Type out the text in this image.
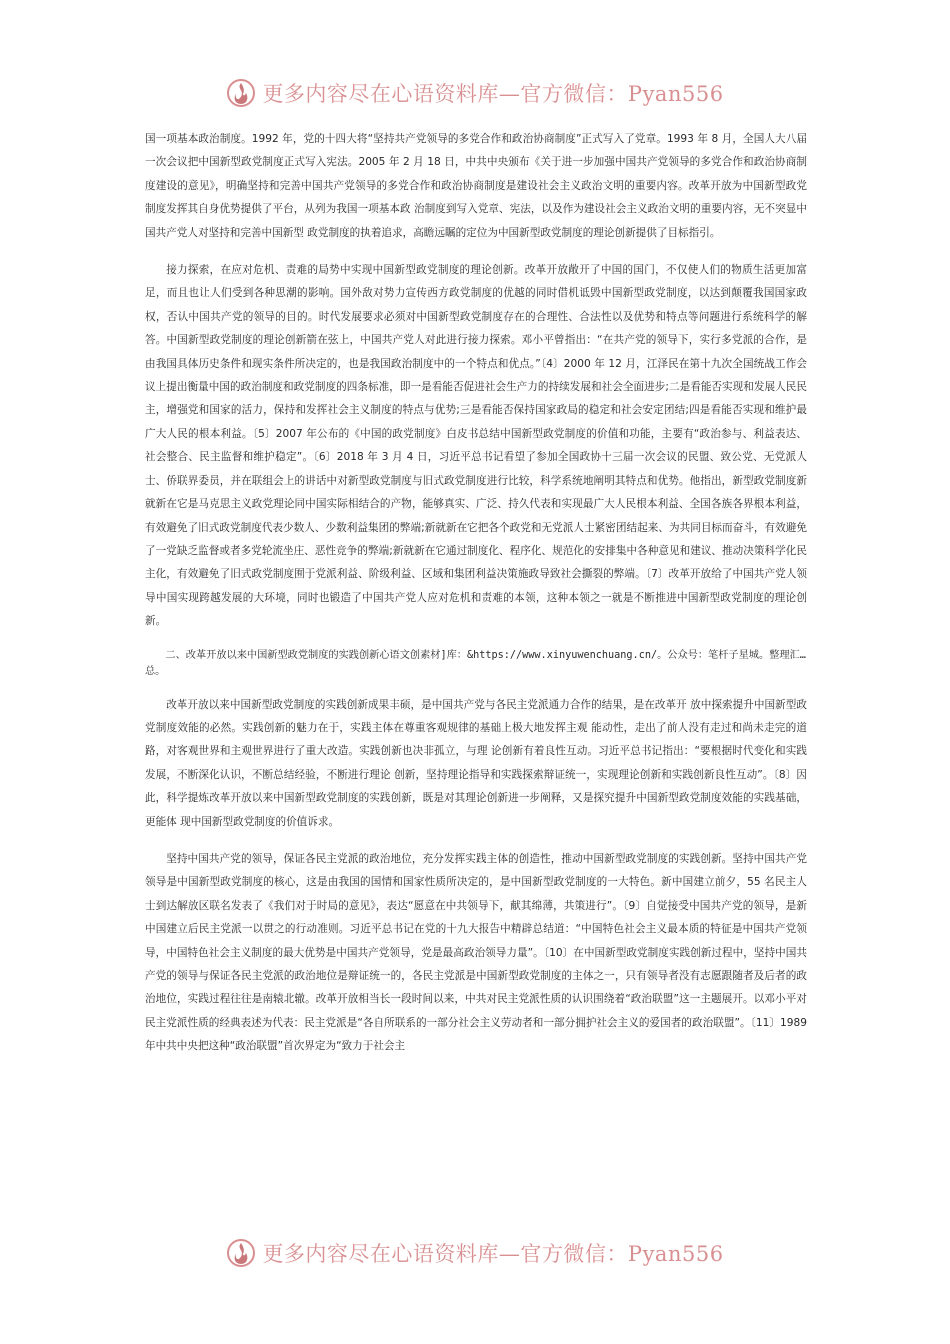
更多内容尽在心语资料库—官方微信：Pyan556

国一项基本政治制度。1992 年，党的十四大将“坚持共产党领导的多党合作和政治协商制度”正式写入了党章。1993 年 8 月，全国人大八届一次会议把中国新型政党制度正式写入宪法。2005 年 2 月 18 日，中共中央颁布《关于进一步加强中国共产党领导的多党合作和政治协商制度建设的意见》，明确坚持和完善中国共产党领导的多党合作和政治协商制度是建设社会主义政治文明的重要内容。改革开放为中国新型政党制度发挥其自身优势提供了平台，从列为我国一项基本政 治制度到写入党章、宪法，以及作为建设社会主义政治文明的重要内容，无不突显中国共产党人对坚持和完善中国新型 政党制度的执着追求，高瞻远瞩的定位为中国新型政党制度的理论创新提供了目标指引。

接力探索，在应对危机、责难的局势中实现中国新型政党制度的理论创新。改革开放敞开了中国的国门，不仅使人们的物质生活更加富足，而且也让人们受到各种思潮的影响。国外敌对势力宣传西方政党制度的优越的同时借机诋毁中国新型政党制度，以达到颠覆我国国家政权，否认中国共产党的领导的目的。时代发展要求必须对中国新型政党制度存在的合理性、合法性以及优势和特点等问题进行系统科学的解答。中国新型政党制度的理论创新箭在弦上，中国共产党人对此进行接力探索。邓小平曾指出：“在共产党的领导下，实行多党派的合作，是由我国具体历史条件和现实条件所决定的，也是我国政治制度中的一个特点和优点。”〔4〕2000 年 12 月，江泽民在第十九次全国统战工作会议上提出衡量中国的政治制度和政党制度的四条标准，即一是看能否促进社会生产力的持续发展和社会全面进步;二是看能否实现和发展人民民主，增强党和国家的活力，保持和发挥社会主义制度的特点与优势;三是看能否保持国家政局的稳定和社会安定团结;四是看能否实现和维护最广大人民的根本利益。〔5〕2007 年公布的《中国的政党制度》白皮书总结中国新型政党制度的价值和功能，主要有“政治参与、利益表达、社会整合、民主监督和维护稳定”。〔6〕2018 年 3 月 4 日，习近平总书记看望了参加全国政协十三届一次会议的民盟、致公党、无党派人士、侨联界委员，并在联组会上的讲话中对新型政党制度与旧式政党制度进行比较，科学系统地阐明其特点和优势。他指出，新型政党制度新就新在它是马克思主义政党理论同中国实际相结合的产物，能够真实、广泛、持久代表和实现最广大人民根本利益、全国各族各界根本利益， 有效避免了旧式政党制度代表少数人、少数利益集团的弊端;新就新在它把各个政党和无党派人士紧密团结起来、为共同目标而奋斗，有效避免了一党缺乏监督或者多党轮流坐庄、恶性竞争的弊端;新就新在它通过制度化、程序化、规范化的安排集中各种意见和建议、推动决策科学化民主化，有效避免了旧式政党制度囿于党派利益、阶级利益、区域和集团利益决策施政导致社会撕裂的弊端。〔7〕改革开放给了中国共产党人领导中国实现跨越发展的大环境，同时也锻造了中国共产党人应对危机和责难的本领，这种本领之一就是不断推进中国新型政党制度的理论创新。

二、改革开放以来中国新型政党制度的实践创新心语文创素材]库：&https://www.xinyuwenchuang.cn/。公众号：笔杆子星城。整理汇…总。

改革开放以来中国新型政党制度的实践创新成果丰硕，是中国共产党与各民主党派通力合作的结果，是在改革开 放中探索提升中国新型政党制度效能的必然。实践创新的魅力在于，实践主体在尊重客观规律的基础上极大地发挥主观 能动性，走出了前人没有走过和尚未走完的道路，对客观世界和主观世界进行了重大改造。实践创新也决非孤立，与理 论创新有着良性互动。习近平总书记指出：“要根据时代变化和实践发展，不断深化认识，不断总结经验，不断进行理论 创新，坚持理论指导和实践探索辩证统一，实现理论创新和实践创新良性互动”。〔8〕因此，科学提炼改革开放以来中国新型政党制度的实践创新，既是对其理论创新进一步阐释，又是探究提升中国新型政党制度效能的实践基础，更能体 现中国新型政党制度的价值诉求。

坚持中国共产党的领导，保证各民主党派的政治地位，充分发挥实践主体的创造性，推动中国新型政党制度的实践创新。坚持中国共产党领导是中国新型政党制度的核心，这是由我国的国情和国家性质所决定的，是中国新型政党制度的一大特色。新中国建立前夕，55 名民主人士到达解放区联名发表了《我们对于时局的意见》，表达“愿意在中共领导下，献其绵薄，共策进行”。〔9〕自觉接受中国共产党的领导，是新中国建立后民主党派一以贯之的行动准则。习近平总书记在党的十九大报告中精辟总结道：“中国特色社会主义最本质的特征是中国共产党领导，中国特色社会主义制度的最大优势是中国共产党领导，党是最高政治领导力量”。〔10〕在中国新型政党制度实践创新过程中，坚持中国共产党的领导与保证各民主党派的政治地位是辩证统一的，各民主党派是中国新型政党制度的主体之一，只有领导者没有志愿跟随者及后者的政治地位，实践过程往往是南辕北辙。改革开放相当长一段时间以来，中共对民主党派性质的认识围绕着“政治联盟”这一主题展开。以邓小平对民主党派性质的经典表述为代表：民主党派是“各自所联系的一部分社会主义劳动者和一部分拥护社会主义的爱国者的政治联盟”。〔11〕1989 年中共中央把这种“政治联盟”首次界定为“致力于社会主

更多内容尽在心语资料库—官方微信：Pyan556
